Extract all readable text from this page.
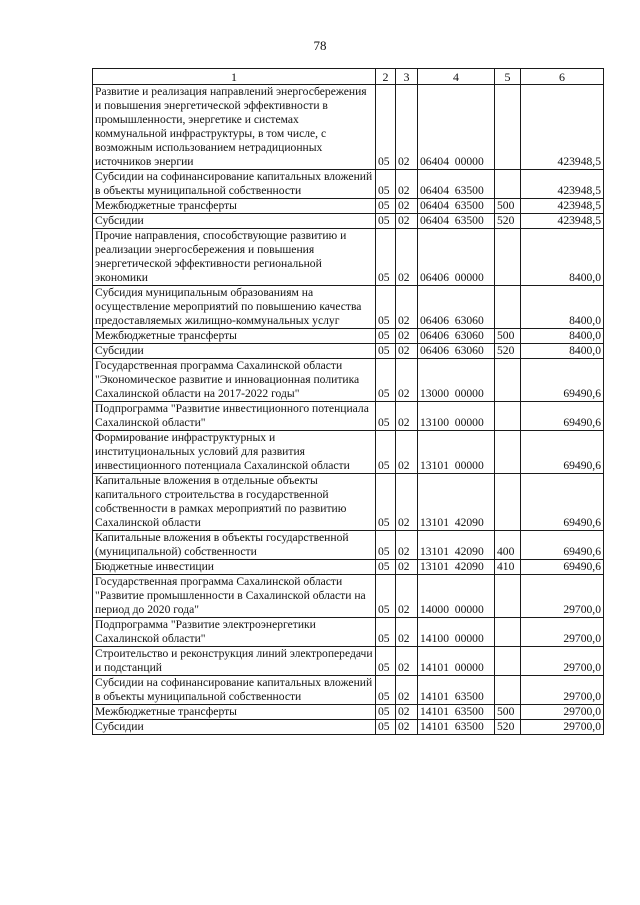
78
1	2	3	4	5	6
Развитие и реализация направлений энергосбережения и повышения энергетической эффективности в промышленности, энергетике и системах коммунальной инфраструктуры, в том числе, с возможным использованием нетрадиционных источников энергии	05	02	06404  00000		423948,5
Субсидии на софинансирование капитальных вложений в объекты муниципальной собственности	05	02	06404  63500		423948,5
Межбюджетные трансферты	05	02	06404  63500	500	423948,5
Субсидии	05	02	06404  63500	520	423948,5
Прочие направления, способствующие развитию и реализации энергосбережения и повышения энергетической эффективности региональной экономики	05	02	06406  00000		8400,0
Субсидия муниципальным образованиям на осуществление мероприятий по повышению качества предоставляемых жилищно-коммунальных услуг	05	02	06406  63060		8400,0
Межбюджетные трансферты	05	02	06406  63060	500	8400,0
Субсидии	05	02	06406  63060	520	8400,0
Государственная программа Сахалинской области "Экономическое развитие и инновационная политика Сахалинской области на 2017-2022 годы"	05	02	13000  00000		69490,6
Подпрограмма "Развитие инвестиционного потенциала Сахалинской области"	05	02	13100  00000		69490,6
Формирование инфраструктурных и институциональных условий для развития инвестиционного потенциала Сахалинской области	05	02	13101  00000		69490,6
Капитальные вложения в отдельные объекты капитального строительства в государственной собственности в рамках мероприятий по развитию Сахалинской области	05	02	13101  42090		69490,6
Капитальные вложения в объекты государственной (муниципальной) собственности	05	02	13101  42090	400	69490,6
Бюджетные инвестиции	05	02	13101  42090	410	69490,6
Государственная программа Сахалинской области "Развитие промышленности в Сахалинской области на период до 2020 года"	05	02	14000  00000		29700,0
Подпрограмма "Развитие электроэнергетики Сахалинской области"	05	02	14100  00000		29700,0
Строительство и реконструкция линий электропередачи и подстанций	05	02	14101  00000		29700,0
Субсидии на софинансирование капитальных вложений в объекты муниципальной собственности	05	02	14101  63500		29700,0
Межбюджетные трансферты	05	02	14101  63500	500	29700,0
Субсидии	05	02	14101  63500	520	29700,0
